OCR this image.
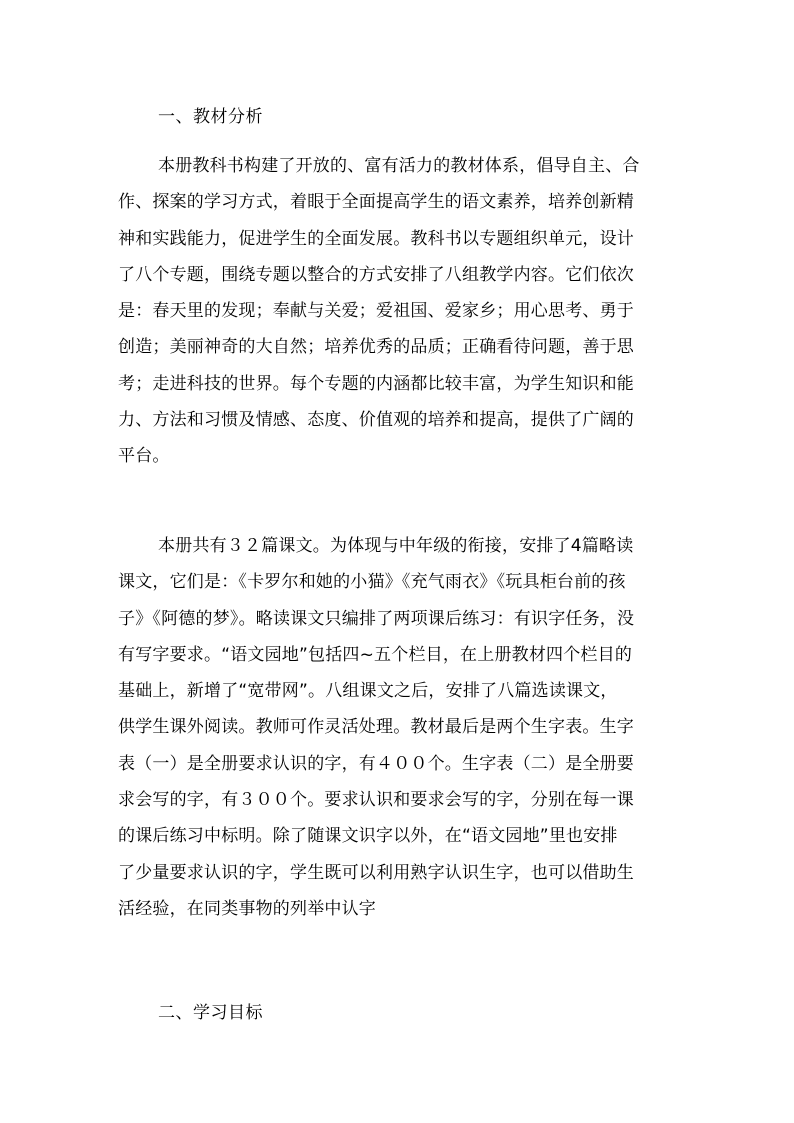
一、教材分析
本册教科书构建了开放的、富有活力的教材体系，倡导自主、合
作、探案的学习方式，着眼于全面提高学生的语文素养，培养创新精
神和实践能力，促进学生的全面发展。教科书以专题组织单元，设计
了八个专题，围绕专题以整合的方式安排了八组教学内容。它们依次
是：春天里的发现；奉献与关爱；爱祖国、爱家乡；用心思考、勇于
创造；美丽神奇的大自然；培养优秀的品质；正确看待问题，善于思
考；走进科技的世界。每个专题的内涵都比较丰富，为学生知识和能
力、方法和习惯及情感、态度、价值观的培养和提高，提供了广阔的
平台。
本册共有３２篇课文。为体现与中年级的衔接，安排了4篇略读
课文，它们是：《卡罗尔和她的小猫》《充气雨衣》《玩具柜台前的孩
子》《阿德的梦》。略读课文只编排了两项课后练习：有识字任务，没
有写字要求。“语文园地”包括四~五个栏目，在上册教材四个栏目的
基础上，新增了“宽带网”。八组课文之后，安排了八篇选读课文，
供学生课外阅读。教师可作灵活处理。教材最后是两个生字表。生字
表（一）是全册要求认识的字，有４００个。生字表（二）是全册要
求会写的字，有３００个。要求认识和要求会写的字，分别在每一课
的课后练习中标明。除了随课文识字以外，在“语文园地”里也安排
了少量要求认识的字，学生既可以利用熟字认识生字，也可以借助生
活经验，在同类事物的列举中认字
二、学习目标
